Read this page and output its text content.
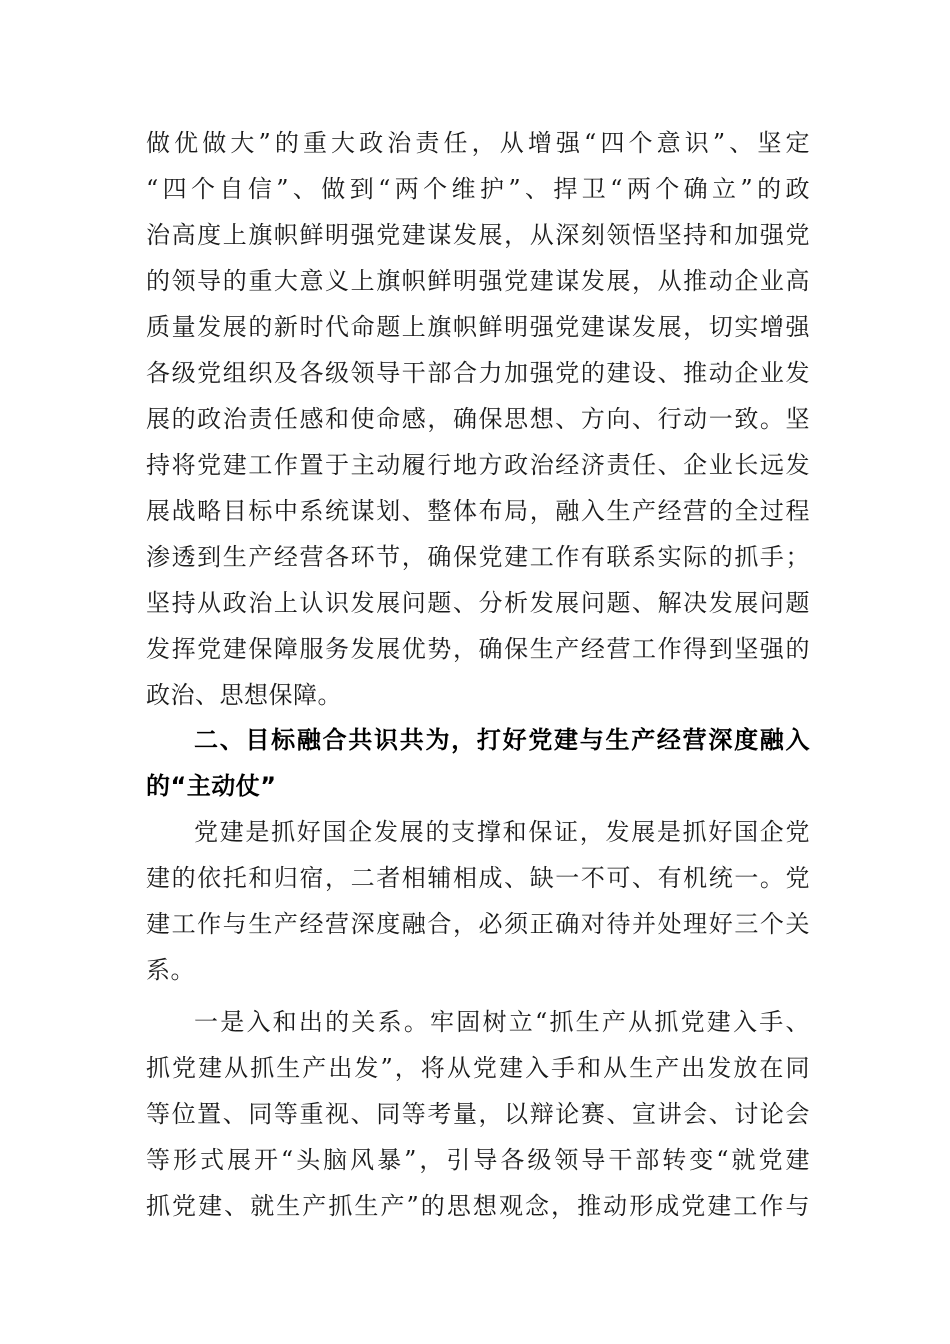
做优做大”的重大政治责任，从增强“四个意识”、坚定
“四个自信”、做到“两个维护”、捍卫“两个确立”的政
治高度上旗帜鲜明强党建谋发展，从深刻领悟坚持和加强党
的领导的重大意义上旗帜鲜明强党建谋发展，从推动企业高
质量发展的新时代命题上旗帜鲜明强党建谋发展，切实增强
各级党组织及各级领导干部合力加强党的建设、推动企业发
展的政治责任感和使命感，确保思想、方向、行动一致。坚
持将党建工作置于主动履行地方政治经济责任、企业长远发
展战略目标中系统谋划、整体布局，融入生产经营的全过程
渗透到生产经营各环节，确保党建工作有联系实际的抓手；
坚持从政治上认识发展问题、分析发展问题、解决发展问题
发挥党建保障服务发展优势，确保生产经营工作得到坚强的
政治、思想保障。
二、目标融合共识共为，打好党建与生产经营深度融入
的“主动仗”
党建是抓好国企发展的支撑和保证，发展是抓好国企党
建的依托和归宿，二者相辅相成、缺一不可、有机统一。党
建工作与生产经营深度融合，必须正确对待并处理好三个关
系。
一是入和出的关系。牢固树立“抓生产从抓党建入手、
抓党建从抓生产出发”，将从党建入手和从生产出发放在同
等位置、同等重视、同等考量，以辩论赛、宣讲会、讨论会
等形式展开“头脑风暴”，引导各级领导干部转变“就党建
抓党建、就生产抓生产”的思想观念，推动形成党建工作与
